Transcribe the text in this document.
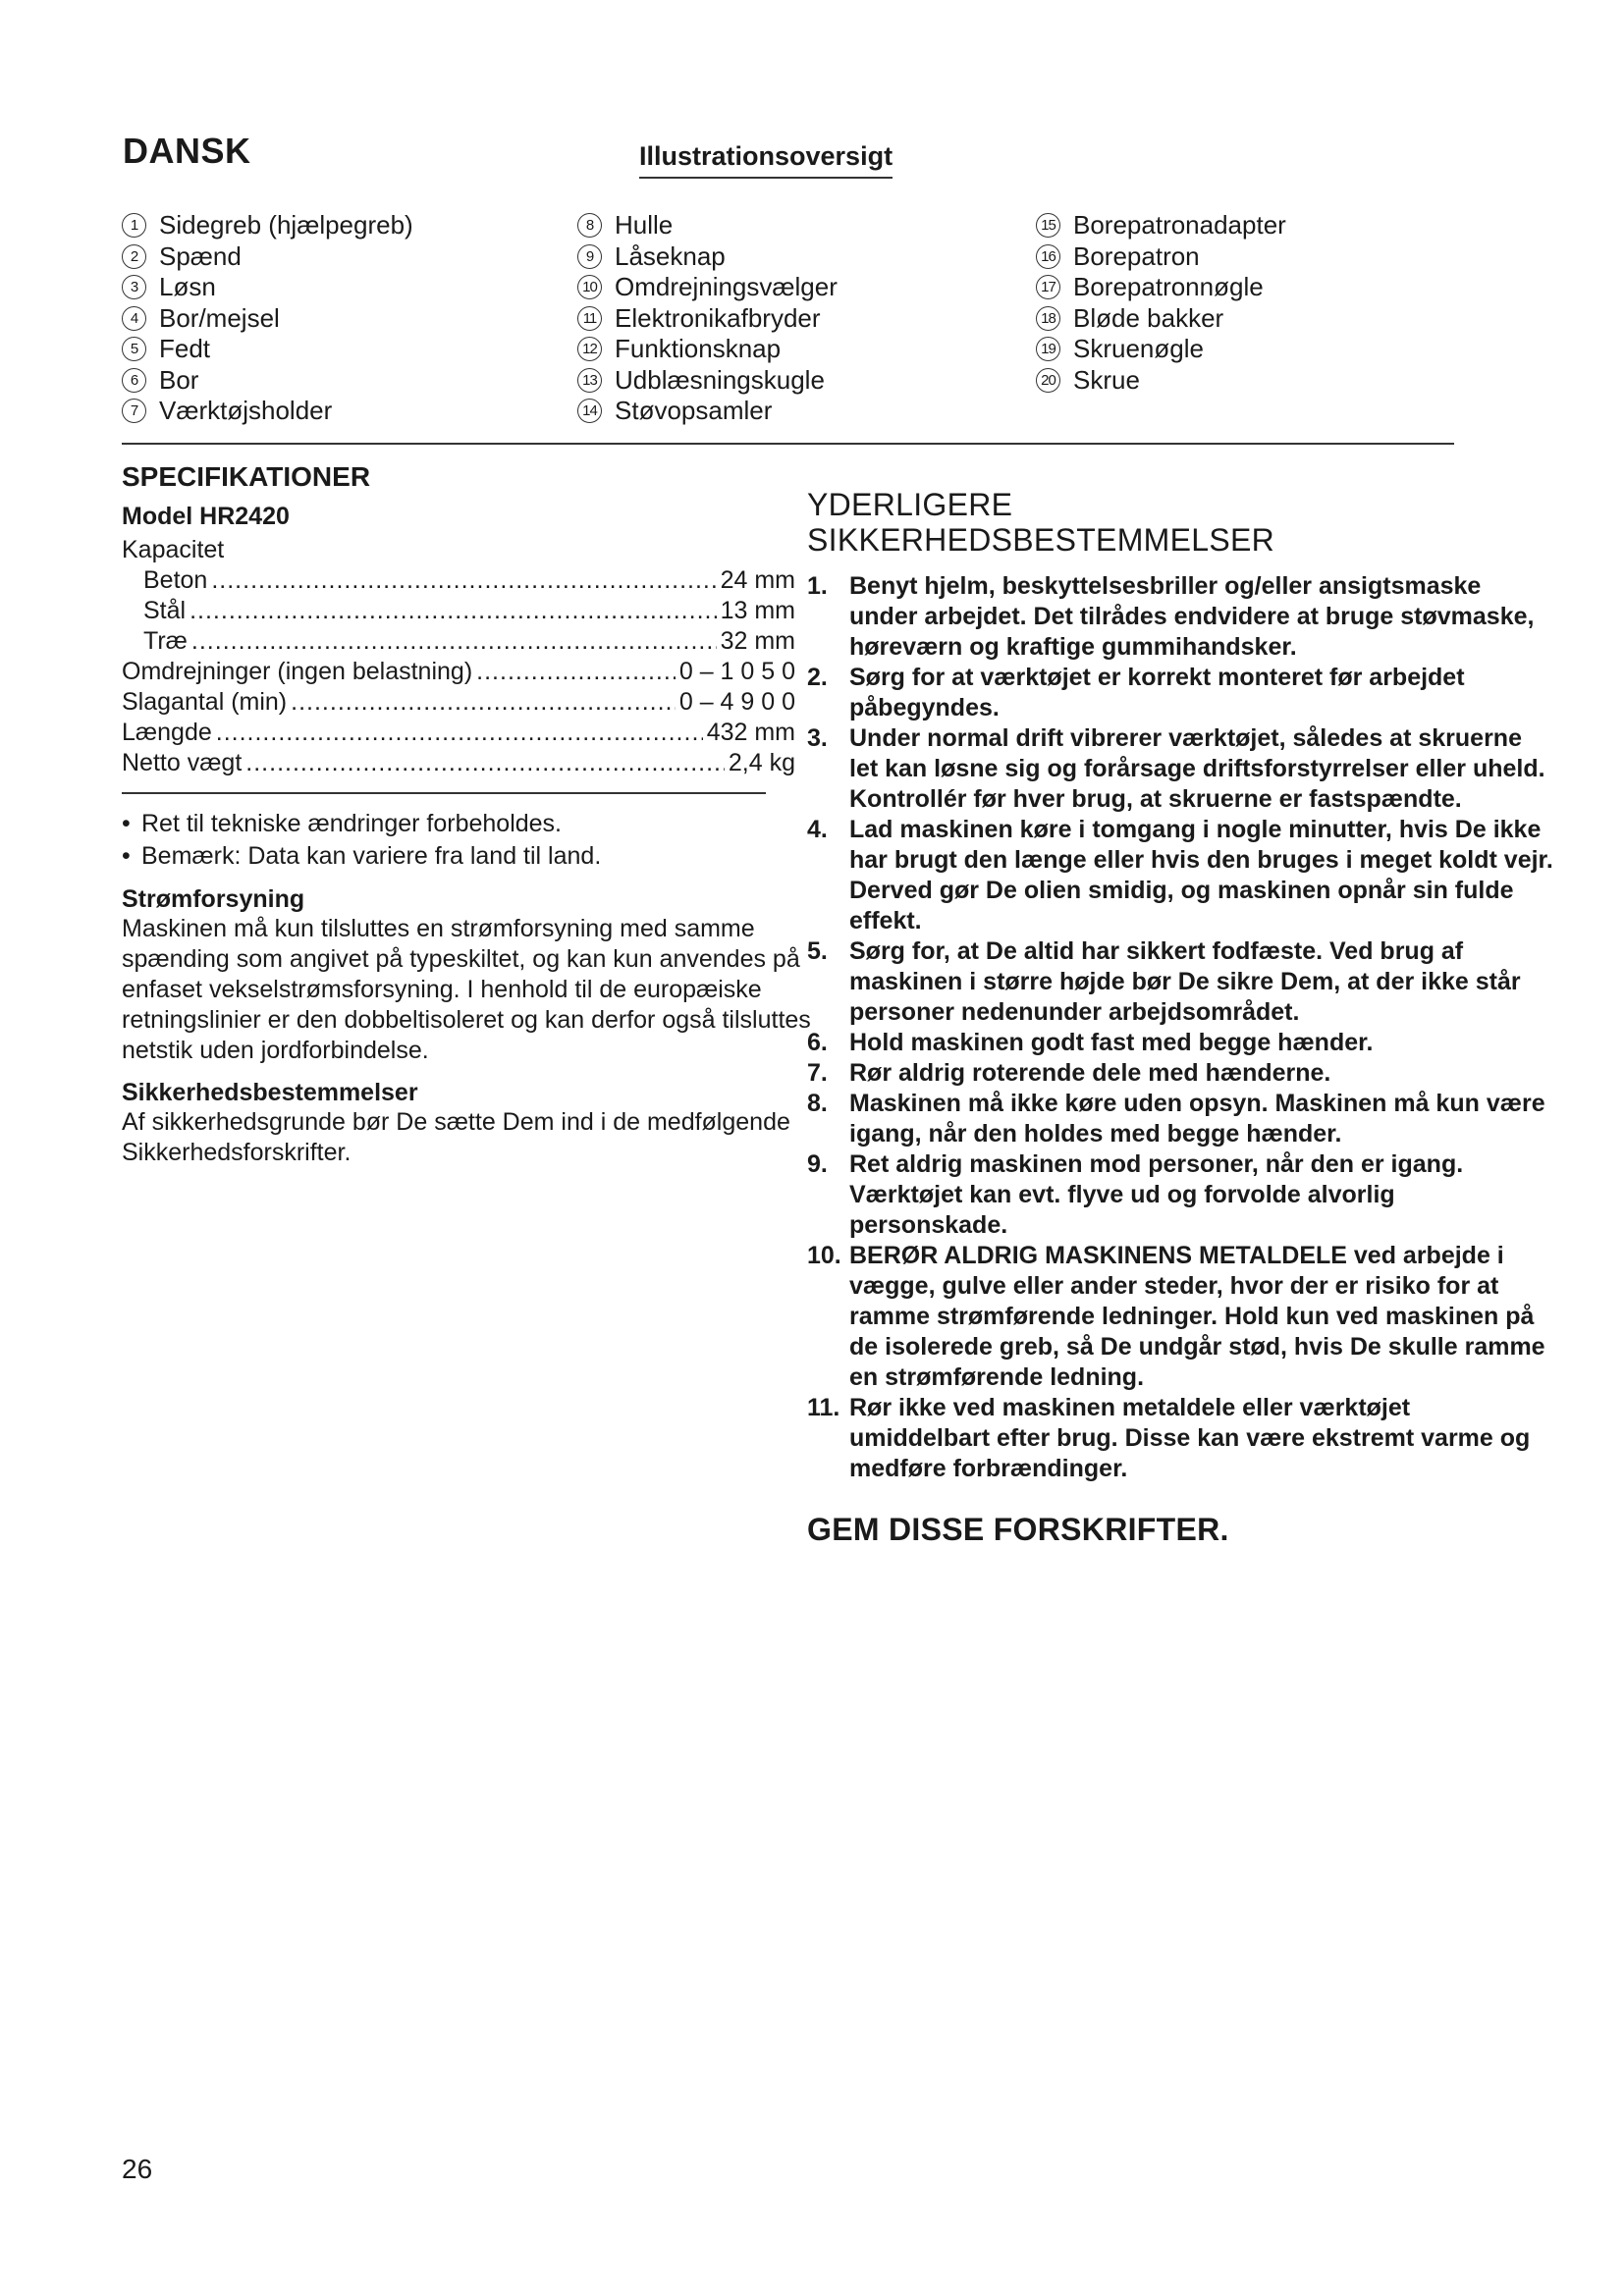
DANSK	Illustrationsoversigt
1 Sidegreb (hjælpegreb)
2 Spænd
3 Løsn
4 Bor/mejsel
5 Fedt
6 Bor
7 Værktøjsholder
8 Hulle
9 Låseknap
10 Omdrejningsvælger
11 Elektronikafbryder
12 Funktionsknap
13 Udblæsningskugle
14 Støvopsamler
15 Borepatronadapter
16 Borepatron
17 Borepatronnøgle
18 Bløde bakker
19 Skruenøgle
20 Skrue
SPECIFIKATIONER
Model HR2420
Kapacitet
Beton .....	24 mm
Stål .....	13 mm
Træ .....	32 mm
Omdrejninger (ingen belastning) .....	0 – 1 0 5 0
Slagantal (min) .....	0 – 4 9 0 0
Længde .....	432 mm
Netto vægt .....	2,4 kg
• Ret til tekniske ændringer forbeholdes.
• Bemærk: Data kan variere fra land til land.
Strømforsyning
Maskinen må kun tilsluttes en strømforsyning med samme spænding som angivet på typeskiltet, og kan kun anvendes på enfaset vekselstrømsforsyning. I henhold til de europæiske retningslinier er den dobbeltisoleret og kan derfor også tilsluttes netstik uden jordforbindelse.
Sikkerhedsbestemmelser
Af sikkerhedsgrunde bør De sætte Dem ind i de medfølgende Sikkerhedsforskrifter.
YDERLIGERE
SIKKERHEDSBESTEMMELSER
1. Benyt hjelm, beskyttelsesbriller og/eller ansigtsmaske under arbejdet. Det tilrådes endvidere at bruge støvmaske, høreværn og kraftige gummihandsker.
2. Sørg for at værktøjet er korrekt monteret før arbejdet påbegyndes.
3. Under normal drift vibrerer værktøjet, således at skruerne let kan løsne sig og forårsage driftsforstyrrelser eller uheld. Kontrollér før hver brug, at skruerne er fastspændte.
4. Lad maskinen køre i tomgang i nogle minutter, hvis De ikke har brugt den længe eller hvis den bruges i meget koldt vejr. Derved gør De olien smidig, og maskinen opnår sin fulde effekt.
5. Sørg for, at De altid har sikkert fodfæste. Ved brug af maskinen i større højde bør De sikre Dem, at der ikke står personer nedenunder arbejdsområdet.
6. Hold maskinen godt fast med begge hænder.
7. Rør aldrig roterende dele med hænderne.
8. Maskinen må ikke køre uden opsyn. Maskinen må kun være igang, når den holdes med begge hænder.
9. Ret aldrig maskinen mod personer, når den er igang. Værktøjet kan evt. flyve ud og forvolde alvorlig personskade.
10. BERØR ALDRIG MASKINENS METALDELE ved arbejde i vægge, gulve eller ander steder, hvor der er risiko for at ramme strømførende ledninger. Hold kun ved maskinen på de isolerede greb, så De undgår stød, hvis De skulle ramme en strømførende ledning.
11. Rør ikke ved maskinen metaldele eller værktøjet umiddelbart efter brug. Disse kan være ekstremt varme og medføre forbrændinger.
GEM DISSE FORSKRIFTER.
26
